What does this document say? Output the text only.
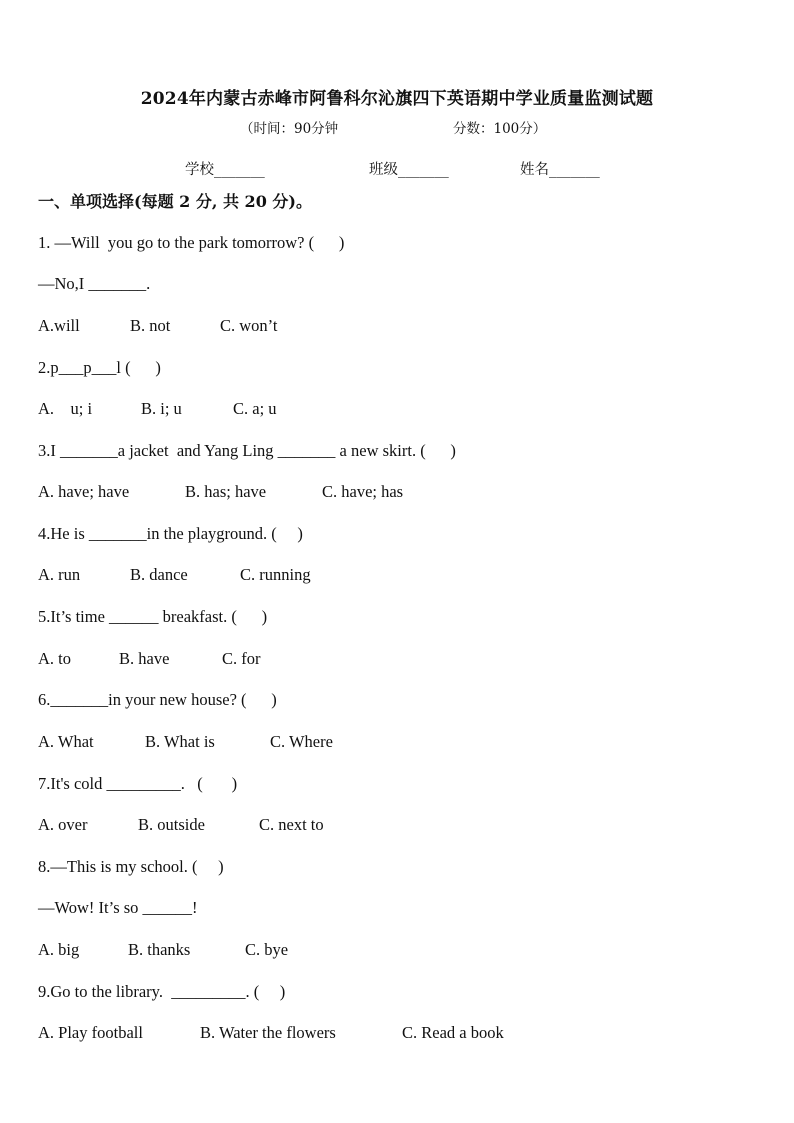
2024年内蒙古赤峰市阿鲁科尔沁旗四下英语期中学业质量监测试题
（时间：90分钟	分数：100分）
学校_______	班级_______	姓名_______
一、单项选择(每题 2 分, 共 20 分)。
1. —Will  you go to the park tomorrow? (      )
—No,I _______.
A.will	B. not	C. won’t
2.p___p___l (      )
A.    u; i	B. i; u	C. a; u
3.I _______a jacket  and Yang Ling _______ a new skirt. (      )
A. have; have	B. has; have	C. have; has
4.He is _______in the playground. (     )
A. run	B. dance	C. running
5.It’s time ______ breakfast. (      )
A. to	B. have	C. for
6._______in your new house? (      )
A. What	B. What is	C. Where
7.It's cold _________.   (       )
A. over	B. outside	C. next to
8.—This is my school. (     )
—Wow! It’s so ______!
A. big	B. thanks	C. bye
9.Go to the library.  _________. (     )
A. Play football	B. Water the flowers	C. Read a book
